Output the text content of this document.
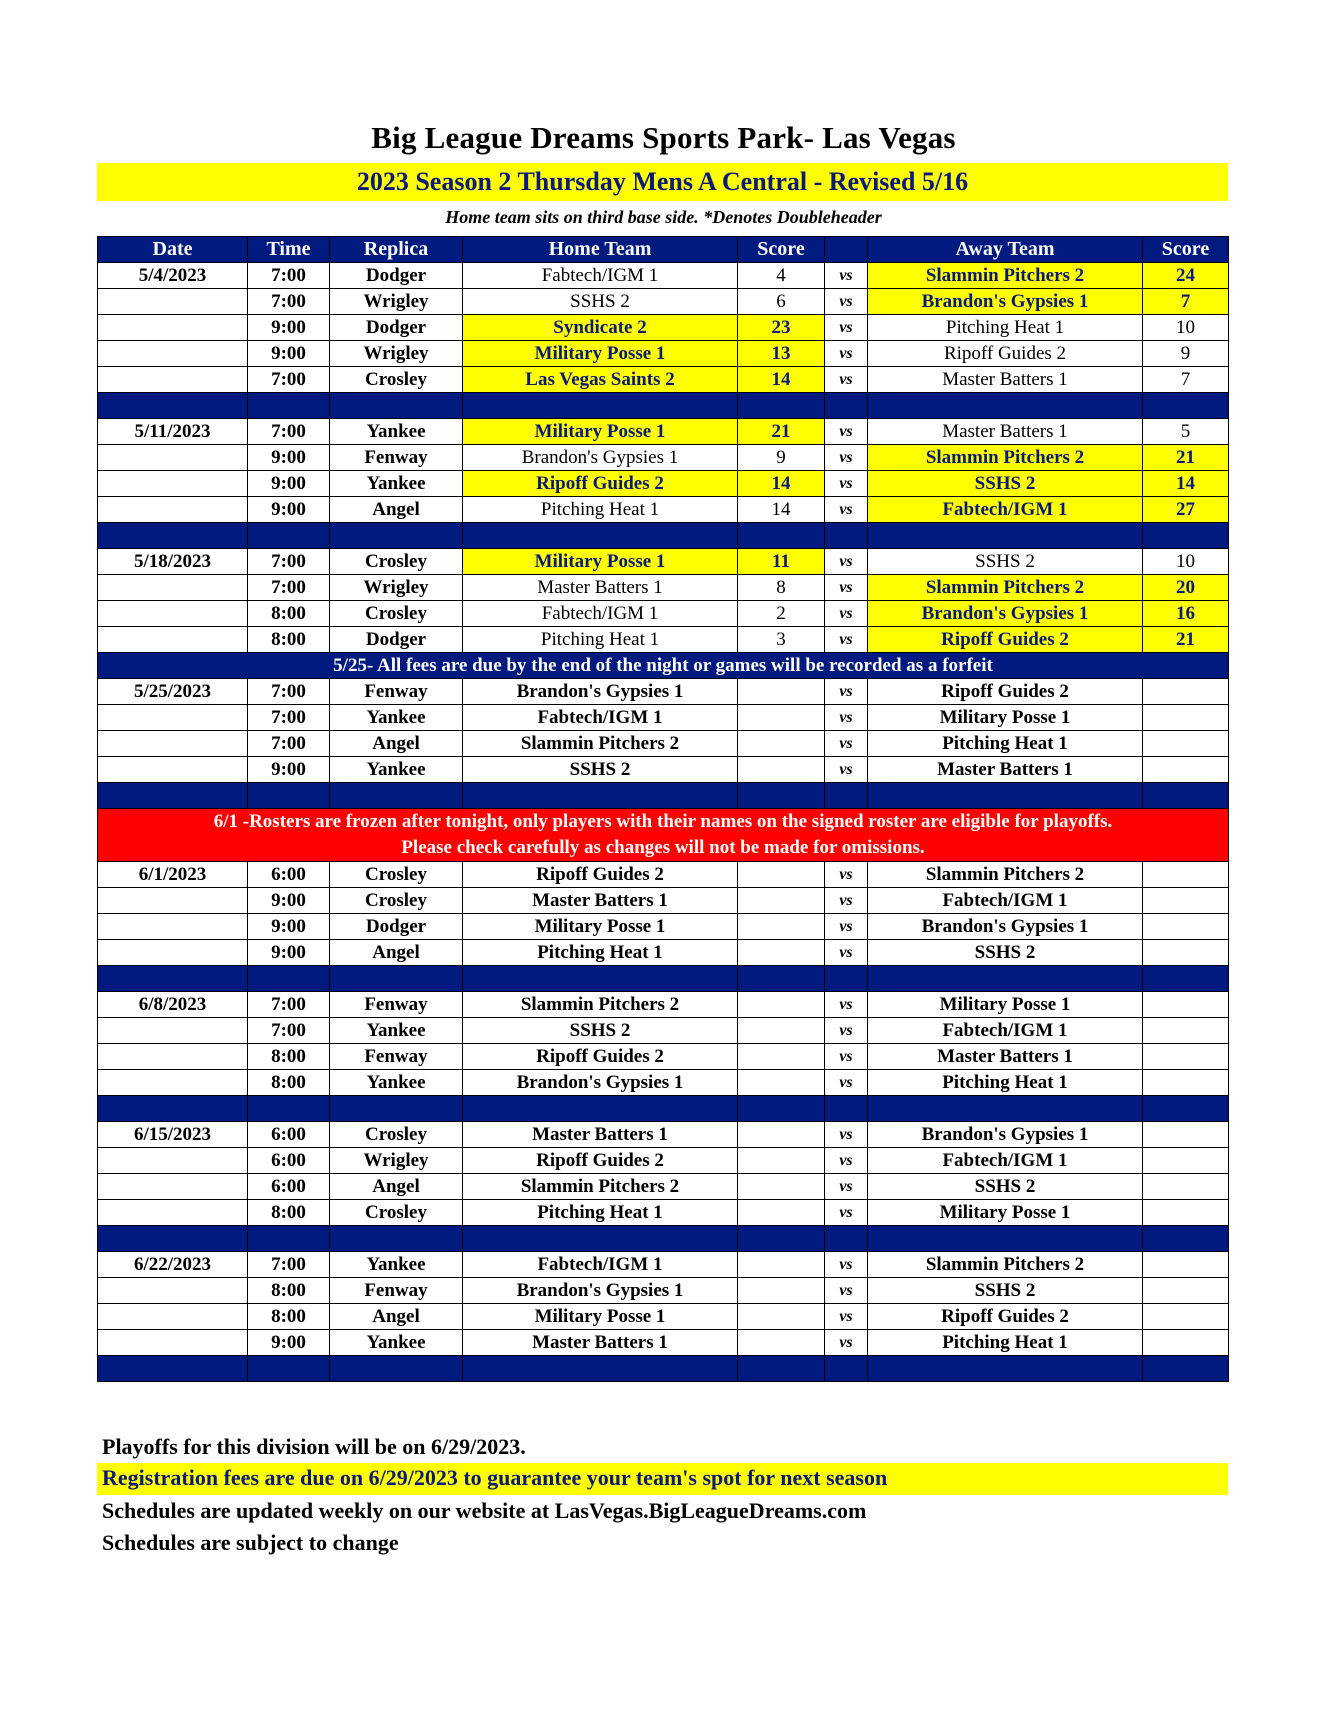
Big League Dreams Sports Park- Las Vegas
2023 Season 2 Thursday Mens A Central - Revised 5/16
Home team sits on third base side. *Denotes Doubleheader
Date	Time	Replica	Home Team	Score		Away Team	Score
5/4/2023	7:00	Dodger	Fabtech/IGM 1	4	vs	Slammin Pitchers 2	24
	7:00	Wrigley	SSHS 2	6	vs	Brandon's Gypsies 1	7
	9:00	Dodger	Syndicate 2	23	vs	Pitching Heat 1	10
	9:00	Wrigley	Military Posse 1	13	vs	Ripoff Guides 2	9
	7:00	Crosley	Las Vegas Saints 2	14	vs	Master Batters 1	7

5/11/2023	7:00	Yankee	Military Posse 1	21	vs	Master Batters 1	5
	9:00	Fenway	Brandon's Gypsies 1	9	vs	Slammin Pitchers 2	21
	9:00	Yankee	Ripoff Guides 2	14	vs	SSHS 2	14
	9:00	Angel	Pitching Heat 1	14	vs	Fabtech/IGM 1	27

5/18/2023	7:00	Crosley	Military Posse 1	11	vs	SSHS 2	10
	7:00	Wrigley	Master Batters 1	8	vs	Slammin Pitchers 2	20
	8:00	Crosley	Fabtech/IGM 1	2	vs	Brandon's Gypsies 1	16
	8:00	Dodger	Pitching Heat 1	3	vs	Ripoff Guides 2	21
5/25- All fees are due by the end of the night or games will be recorded as a forfeit							
5/25/2023	7:00	Fenway	Brandon's Gypsies 1		vs	Ripoff Guides 2	
	7:00	Yankee	Fabtech/IGM 1		vs	Military Posse 1	
	7:00	Angel	Slammin Pitchers 2		vs	Pitching Heat 1	
	9:00	Yankee	SSHS 2		vs	Master Batters 1	

6/1 -Rosters are frozen after tonight, only players with their names on the signed roster are eligible for playoffs.
Please check carefully as changes will not be made for omissions.							

6/1/2023	6:00	Crosley	Ripoff Guides 2		vs	Slammin Pitchers 2	
	9:00	Crosley	Master Batters 1		vs	Fabtech/IGM 1	
	9:00	Dodger	Military Posse 1		vs	Brandon's Gypsies 1	
	9:00	Angel	Pitching Heat 1		vs	SSHS 2	

6/8/2023	7:00	Fenway	Slammin Pitchers 2		vs	Military Posse 1	
	7:00	Yankee	SSHS 2		vs	Fabtech/IGM 1	
	8:00	Fenway	Ripoff Guides 2		vs	Master Batters 1	
	8:00	Yankee	Brandon's Gypsies 1		vs	Pitching Heat 1	

6/15/2023	6:00	Crosley	Master Batters 1		vs	Brandon's Gypsies 1	
	6:00	Wrigley	Ripoff Guides 2		vs	Fabtech/IGM 1	
	6:00	Angel	Slammin Pitchers 2		vs	SSHS 2	
	8:00	Crosley	Pitching Heat 1		vs	Military Posse 1	

6/22/2023	7:00	Yankee	Fabtech/IGM 1		vs	Slammin Pitchers 2	
	8:00	Fenway	Brandon's Gypsies 1		vs	SSHS 2	
	8:00	Angel	Military Posse 1		vs	Ripoff Guides 2	
	9:00	Yankee	Master Batters 1		vs	Pitching Heat 1	

Playoffs for this division will be on 6/29/2023.
Registration fees are due on 6/29/2023 to guarantee your team's spot for next season
Schedules are updated weekly on our website at LasVegas.BigLeagueDreams.com
Schedules are subject to change
